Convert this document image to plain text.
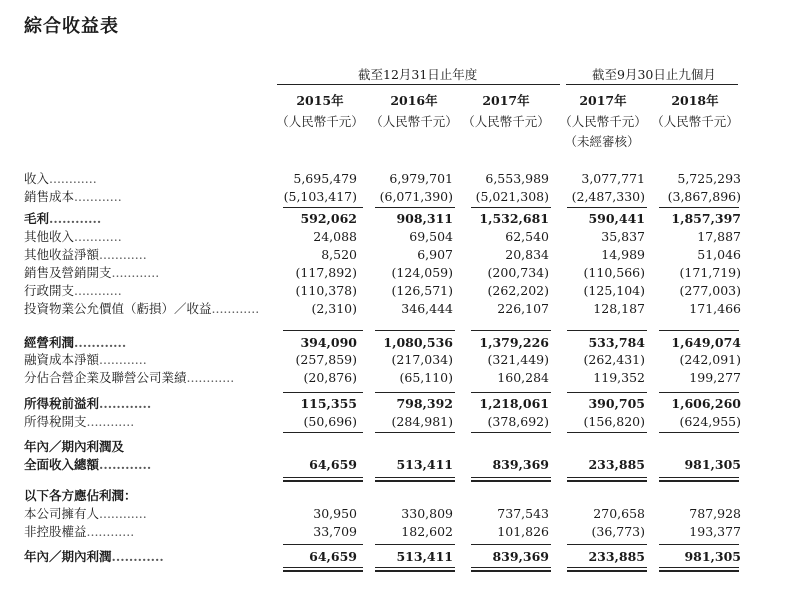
綜合收益表
截至12月31日止年度	截至9月30日止九個月
2015年	2016年	2017年	2017年	2018年
（人民幣千元） （人民幣千元） （人民幣千元） （人民幣千元） （人民幣千元）
（未經審核）
收入............	5,695,479	6,979,701	6,553,989	3,077,771	5,725,293
銷售成本............	(5,103,417)	(6,071,390)	(5,021,308)	(2,487,330)	(3,867,896)
毛利............	592,062	908,311	1,532,681	590,441	1,857,397
其他收入............	24,088	69,504	62,540	35,837	17,887
其他收益淨額............	8,520	6,907	20,834	14,989	51,046
銷售及營銷開支............	(117,892)	(124,059)	(200,734)	(110,566)	(171,719)
行政開支............	(110,378)	(126,571)	(262,202)	(125,104)	(277,003)
投資物業公允價值（虧損）／收益............	(2,310)	346,444	226,107	128,187	171,466
經營利潤............	394,090	1,080,536	1,379,226	533,784	1,649,074
融資成本淨額............	(257,859)	(217,034)	(321,449)	(262,431)	(242,091)
分佔合營企業及聯營公司業績............	(20,876)	(65,110)	160,284	119,352	199,277
所得稅前溢利............	115,355	798,392	1,218,061	390,705	1,606,260
所得稅開支............	(50,696)	(284,981)	(378,692)	(156,820)	(624,955)
年內／期內利潤及
全面收入總額............	64,659	513,411	839,369	233,885	981,305
以下各方應佔利潤：
本公司擁有人............	30,950	330,809	737,543	270,658	787,928
非控股權益............	33,709	182,602	101,826	(36,773)	193,377
年內／期內利潤............	64,659	513,411	839,369	233,885	981,305
